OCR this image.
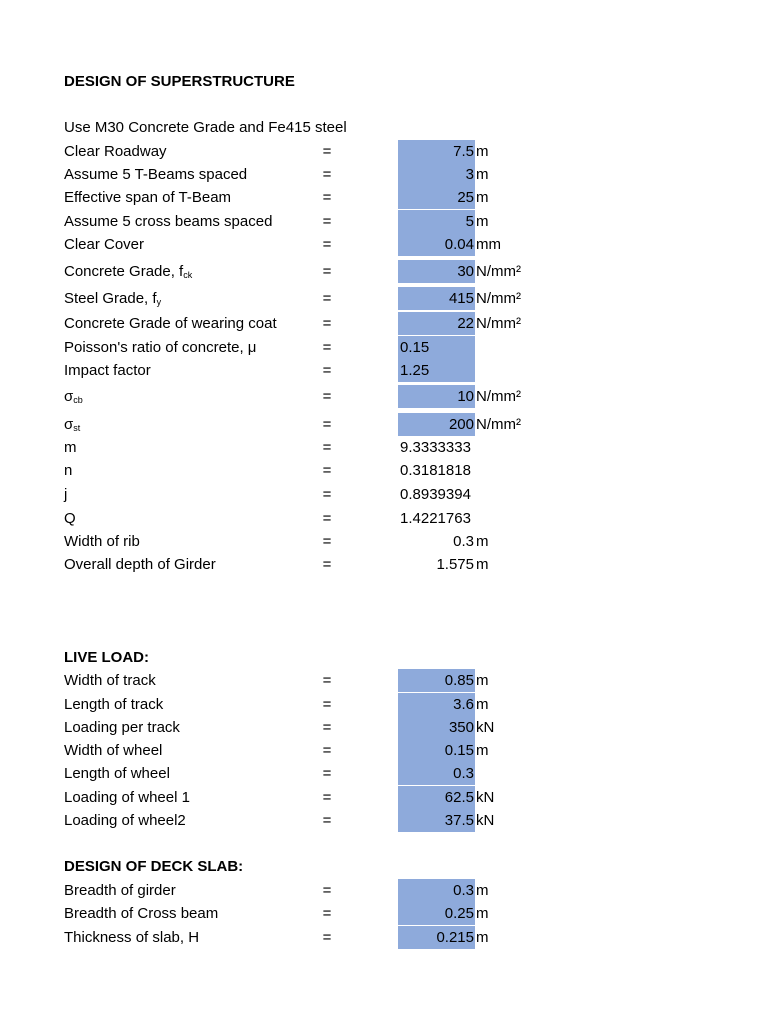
DESIGN OF SUPERSTRUCTURE
Use M30 Concrete Grade and Fe415 steel
Clear Roadway	=	7.5 m
Assume 5 T-Beams spaced	=	3 m
Effective span of T-Beam	=	25 m
Assume 5 cross beams spaced	=	5 m
Clear Cover	=	0.04 mm
Concrete Grade, $f_{ck}$	=	30 N/mm²
Steel Grade, $f_y$	=	415 N/mm²
Concrete Grade of wearing coat	=	22 N/mm²
Poisson's ratio of concrete, μ	=	0.15
Impact factor	=	1.25
$\sigma_{cb}$	=	10 N/mm²
$\sigma_{st}$	=	200 N/mm²
m	=	9.3333333
n	=	0.3181818
j	=	0.8939394
Q	=	1.4221763
Width of rib	=	0.3 m
Overall depth of Girder	=	1.575 m
LIVE LOAD:
Width of track	=	0.85 m
Length of track	=	3.6 m
Loading per track	=	350 kN
Width of wheel	=	0.15 m
Length of wheel	=	0.3
Loading of wheel 1	=	62.5 kN
Loading of wheel2	=	37.5 kN
DESIGN OF DECK SLAB:
Breadth of girder	=	0.3 m
Breadth of Cross beam	=	0.25 m
Thickness of slab, H	=	0.215 m
